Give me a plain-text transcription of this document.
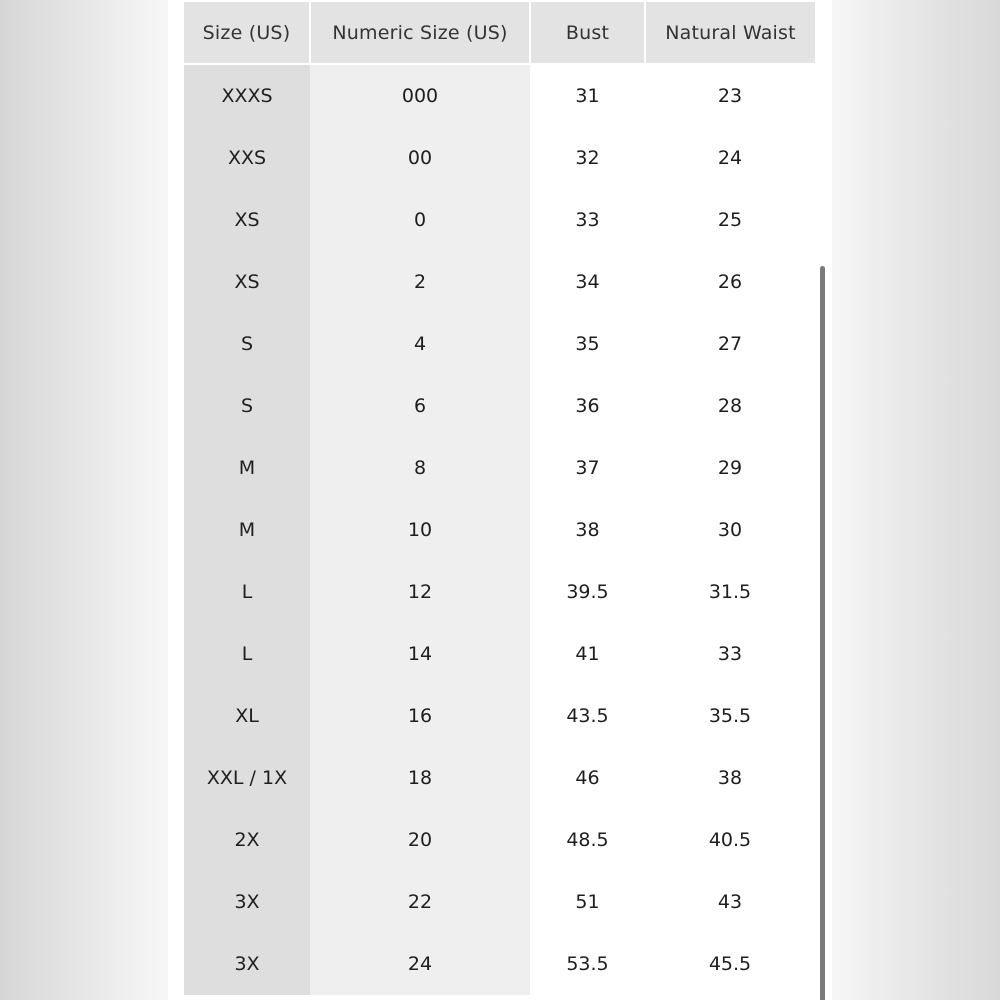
Size (US)	Numeric Size (US)	Bust	Natural Waist
XXXS	000	31	23
XXS	00	32	24
XS	0	33	25
XS	2	34	26
S	4	35	27
S	6	36	28
M	8	37	29
M	10	38	30
L	12	39.5	31.5
L	14	41	33
XL	16	43.5	35.5
XXL / 1X	18	46	38
2X	20	48.5	40.5
3X	22	51	43
3X	24	53.5	45.5
